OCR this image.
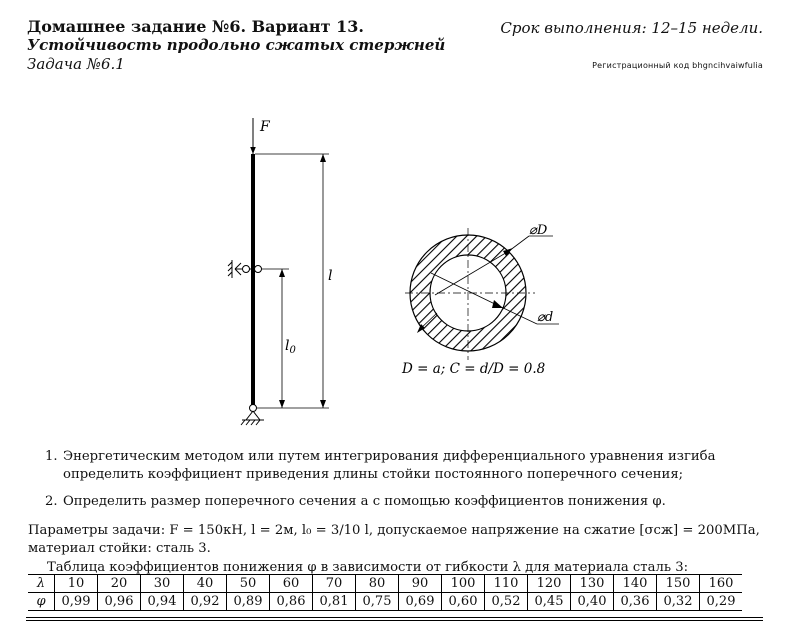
Домашнее задание №6. Вариант 13.
Устойчивость продольно сжатых стержней
Задача №6.1
Срок выполнения: 12–15 недели.
Регистрационный код bhgncihvaiwfulia
F
l
$l_0$
⌀D
⌀d
D = a; C = d/D = 0.8
1. Энергетическим методом или путем интегрирования дифференциального уравнения изгиба определить коэффициент приведения длины стойки постоянного поперечного сечения;
2. Определить размер поперечного сечения a с помощью коэффициентов понижения φ.
Параметры задачи: F = 150кН, l = 2м, l₀ = 3/10 l, допускаемое напряжение на сжатие [σсж] = 200МПа, материал стойки: сталь 3.
Таблица коэффициентов понижения φ в зависимости от гибкости λ для материала сталь 3:
λ	10	20	30	40	50	60	70	80	90	100	110	120	130	140	150	160
φ	0,99	0,96	0,94	0,92	0,89	0,86	0,81	0,75	0,69	0,60	0,52	0,45	0,40	0,36	0,32	0,29
